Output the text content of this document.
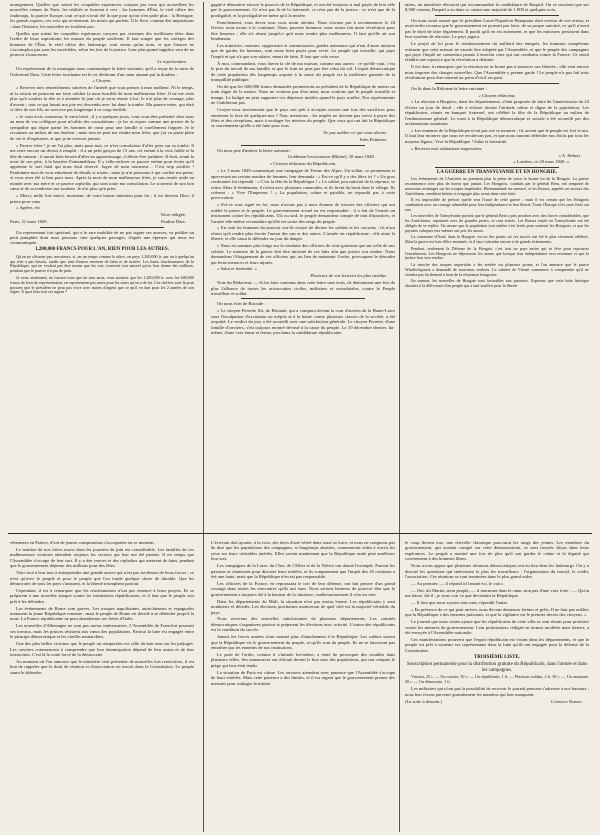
arrangement. Quelles que soient les coupables espérances conçues par ceux qui accueillent les nouvelles venues de Paris, les réalités se bornent à ceci : les hommes d'État, le vieil office des faubourgs, la pauvre Europe, tout ce qui n'avait été là que pour qu'on n'en parle plus : la Bretagne, les grands espoirs, ces voix qui reviennent, les morts qui parlent. Il le livre, comme des inquisitions ; dans l'histoire, les nouvelles ne fouillent pas.

Quelles que soient les coupables espérances conçues par certaines des meilleures têtes dans l'ordre de leurs aspirations, les masses du peuple souffrent. Il faut songer que les cortèges des hommes de l'État, le vieil office des faubourgs, sont venus qu'un nom, et que l'œuvre ne s'accomplira pas sans les incrédules, selon les lois de la justice. Leur plus grand supplice sera de ne pouvoir s'innocenter.

Le représentant

Un représentant de la montagne nous communique la lettre suivante, qu'il a reçue de la sœur de l'infortuné Daix. Cette lettre touchante est le cri déchirant d'un cœur aimant par la douleur :

« Citoyen,

« Recevez mes remercîments sincères de l'intérêt que vous prenez à mon malheur. Ni le temps, ni la raison ne pourront me faire oublier la mort horrible de mon malheureux frère. Il ne me reste plus qu'à courber la tête et à attendre le jour où je serai réunie à lui. Je n'ai plus de courage, plus d'avenir ; tout ce qui faisait ma joie est descendu avec lui dans la tombe. Ma pauvre mère, qui était si fière de son fils, ne survivra pas longtemps à ce coup terrible.

« Je vous écris, monsieur, le cœur brisé ; il y a quelques jours, vous vous êtes présenté chez nous au nom de vos collègues pour m'offrir des consolations : je les ai reçues comme une preuve de la sympathie qui règne parmi les hommes de cœur pour une famille si cruellement frappée. Je le reconnais au milieu de ma douleur ; mais rien ne peut me rendre mon frère, que j'ai vu partir plein de vie et d'espérance, et que je ne reverrai jamais.

« Pauvre frère ! je ne l'ai plus, mais pour moi, ce n'est consolation d'aller prier sur sa tombe. Il me reste encore un devoir à remplir : il a un petit garçon de 13 ans, cet enfant à la voix faible et la tête de mineur ; il aurait bien besoin d'aller en apprentissage, il désire être jardinier. Il était, avant la mort de son père, à la barrière Fontainebleau. Il y fallu enlever ce pauvre enfant pour éviter qu'il apprenne le sort fatal qui nous était réservé. Jugez de mon tourment… C'est trop souffrir ! Pardonnez-moi de vous entretenir de détails si tristes ; mais je n'ai personne à qui confier ma peine, et vous avez été si bon pour nous. Après la mort de mon malheureux frère, je suis restée seule au monde avec ma mère et ce pauvre orphelin, qui sont toute ma consolation. Le souvenir de son bon cœur et de sa tendresse me soutient. Je n'ai plus qu'à prier.

« Merci, mille fois merci, monsieur, de votre bonne intention pour lui ; il est devenu Dieu, il priera pour vous.

« Agréez, etc.

Votre obligée,

Paris, 21 mars 1849.	Pauline Daix.

Un représentant fort spirituel, qui a le rare mobilité de ne pas signer ses œuvres, va publier un petit pamphlet dont nous pouvons citer quelques passages, d'après une épreuve qui nous est communiquée.

1,200,000 FRANCS POUR L'AN, RIEN POUR LES AUTRES.

Qu'on ne s'étonne pas, messieurs, si, en un temps comme le nôtre, on paye 1,200,000 fr. par an à quelqu'un qui n'en a pas besoin, tandis que tant d'autres meurent de faim et de misère. Les hauts fonctionnaires de la République, qui ne veulent pas être moins que les rois, trouvent tout naturel qu'on leur donne des millions, pendant que le pauvre n'a pas de pain.

Je veux seulement, ne fussiez-vous que de mes amis, vous montrer que les 1,200,000 fr. avec les 600,000 francs de frais de représentation, ne représentent pas assez pour les soins qu'on a de lui. Ces chiffres sont là pour prouver que le président ne peut pas vivre avec moins d'argent que ce qu'il en faut pour les 2 années de son règne. À quoi bon tout cet argent ?

gagné à démontrer encore le pouvoir de la République, et ont été toujours si mal payés de leur zèle par le gouvernement. Ce n'est pas là de la fraternité, ce n'est pas de la justice ; ce n'est que de la prodigalité, et la prodigalité ne mène qu'à la misère.

Franchement, vous devez tous vous sentir atteints. Nous n'avons pas à recommencer le 24 février, nous avons à le continuer. Nous, pauvres hommes, nous avons fait notre révolution pour être heureux ; elle n'a réussi jusqu'ici qu'à nous rendre plus malheureux. Il faut qu'elle ait son lendemain.

Les ministres, orateurs, rapporteurs et commissaires, gardes nationaux qui n'ont d'autre mission que de garder les bureaux, sont assez bien payés pour vivre. Le peuple qui travaille, qui paye l'impôt et qui n'a que son salaire, meurt de faim. Il faut que cela cesse.

À moi, commandant, vous ôterez la clé de ma maison, comme aux autres : ce qu'elle vaut, c'est le prix du travail de ma famille, et que le fruit ne peut pas être celui du vol. L'esprit démocratique de cette population dès longtemps acquise à la cause du peuple est la meilleure garantie de la tranquillité publique.

On dit que les 600,000 francs demandés permettront au président de la République de mener un train digne de la nation. Nous ne voulons pas d'un train, nous voulons que le peuple travaille et mange. Le budget ne peut supporter ces dépenses inutiles quand le pays souffre. Nos représentants ne l'oublieront pas.

Croyez-vous sincèrement que le pays soit prêt à accepter encore une fois des sacrifices pour entretenir le luxe de quelques-uns ? Non, messieurs ; les impôts ne doivent pas servir à payer des fêtes et des réceptions, mais à soulager les misères du peuple. Que ceux qui ont fait la République se souviennent qu'elle a été faite pour tous.

Ne pas oublier ce que nous disons.

Jules Pointeau.

On nous prie d'insérer la lettre suivante :

Goldenne-Levavasseur (Rhône), 18 mars 1849.

« Citoyen rédacteur du Républicain,

« Le 3 mars 1849 commençait une campagne de Ferme des Alpes. Un soldat, se promenant et apercevant un certain nombre de femmes, leur demanda : « Est-ce qu'il y a des fêtes ici ? » Un gros cordonnier lui répondit : « C'est la fête de la République ! » Le soldat, peu satisfait de la réponse, se retira. Mais le lendemain, il revint avec plusieurs camarades, et ils firent du bruit dans le village. Ils crièrent : « Vive l'Empereur ! » La population, calme et paisible, ne répondit pas à cette provocation.

« Est-ce sous signé en foi, nous n'avons pas à nous étonner de trouver des officiers qui ont oublié la patrie et le peuple. Le gouvernement actuel en est responsable : il a fait de l'armée un instrument contre les républicains. Tôt ou tard, le peuple demandera compte de tant d'injustices, et l'armée elle-même reconnaîtra qu'elle est sortie des rangs du peuple.

« En vain les hommes du pouvoir ont-ils essayé de diviser les soldats et les citoyens ; ils n'ont réussi qu'à rendre plus étroite l'union des uns et des autres. L'armée est républicaine ; elle aime la liberté, et elle saura la défendre au jour du danger.

« Nous en sommes plus longs sur la conduite des officiers de cette garnison que sur celle de nos soldats. Le ministre de la guerre doit être informé de ces faits afin que justice soit rendue. Nous demandons l'éloignement de ces officiers qui, au lieu de maintenir l'ordre, provoquent le désordre par leurs menaces et leurs injures.

« Salut et fraternité. »

Plusieurs de vos lecteurs les plus assidus.

Note du Rédacteur. — Si les faits contenus dans cette lettre sont vrais, ils démontrent une fois de plus l'alliance de toutes les aristocraties civiles, militaires et sacerdotales, contre le Peuple travailleur et soldat.

On nous écrit de Brioude :

« Le citoyen Perrette fils, de Brioude, qui a comparu devant la cour d'assises de la Haute-Loire sous l'inculpation d'excitation au mépris et à la haine contre plusieurs classes de la société, a été acquitté. Le verdict du jury a été accueilli avec une satisfaction générale. Le citoyen Perrette, d'une famille d'ouvriers, s'est toujours montré dévoué à la cause du peuple. Le 10 décembre dernier, lui-même, d'une voix émue et ferme, proclama la candidature républicaine.

taires, un manifeste électoral qui recommandait la candidature de Raspail. On se souvient que sur 8,500 votants, Raspail a eu dans ce canton une majorité de 1,900 et quelques voix.

On nous avait assuré que le président Louis-Napoléon Bonaparte était revenu de son erreur, et avait enfin reconnu que le gouvernement ne pouvait pas faire, de sa propre autorité, ce qu'il n'avait pas le droit de faire légalement. Il paraît qu'il en est autrement, et que les ministres persistent dans leur système de réaction. Le pays jugera.

Le projet de loi pour le remboursement du milliard des émigrés, les hommes compétents estiment que cette mesure ne saurait être adoptée par l'Assemblée, et que le peuple des campagnes qui paye l'impôt ne consentira jamais à enrichir ceux qui ont combattu contre la France. Ce serait rétablir une injustice que la révolution a détruite.

Il est donc à remarquer que la réaction ne se borne pas à menacer nos libertés ; elle veut encore nous imposer des charges nouvelles. Que l'Assemblée y prenne garde ! Le peuple n'a pas fait trois révolutions pour être ramené au point d'où il est parti.

On lit dans la Réforme la lettre suivante :

« Citoyen rédacteur,

« La réaction à Bergerac, dans les départements, s'était proposée de faire de l'anniversaire du 24 février un jour de deuil ; elle a échoué devant l'attitude calme et digne de la population. Les républicains, réunis en banquet fraternel, ont célébré la fête de la République au milieu de l'enthousiasme général. Le toast à la République démocratique et sociale a été accueilli par des acclamations unanimes.

« Les ennemis de la République n'ont pas osé se montrer ; ils savent que le peuple est fort et uni. Il faut leur montrer que nous ne reculerons pas, et que nous saurons défendre nos droits par tous les moyens légaux. Vive la République ! Salut et fraternité.

« Recevez mes salutations empressées.

« A. Hebert.

« Londres, ce 20 mars 1849. »

LA GUERRE EN TRANSYLVANIE ET EN HONGRIE.

Les événements de l'Autriche ne prennent plus la peine de saisir la bonne foi de la Hongrie. La guerre recommence avec plus de fureur que jamais. Les Hongrois, conduits par le général Bem, ont remporté de nouveaux avantages sur les troupes impériales. Hermannstadt est menacé, et les Russes, appelés au secours des Autrichiens, semblent hésiter à s'engager plus avant dans cette lutte.

Il est impossible de prévoir quelle sera l'issue de cette guerre ; mais il est certain que les Hongrois combattent avec un courage admirable pour leur indépendance et leur liberté. Toute l'Europe a les yeux fixés sur eux.

Les nouvelles de Transylvanie portent que le général Bem a pris position avec des forces considérables, que les Autrichiens, repoussés avec de grandes pertes, se sont retirés. Les Russes entrés en Transylvanie ont été obligés de se replier. On assure que la population tout entière s'est levée pour soutenir les Hongrois, et que les paysans valaques eux-mêmes ont pris les armes.

La commune d'Arad, dans la Hongrie, est un des points où ces succès ont été le plus vivement célébrés. Mais la guerre est loin d'être terminée, et il faut s'attendre encore à de grands événements.

Pendant, seulement la Défense de la Hongrie, c'est tout un pays entier qui se lève pour repousser l'envahisseur. Les Hongrois ne déposeront les armes que lorsque leur indépendance sera reconnue et que la justice leur sera rendue.

La marche des troupes impériales a été arrêtée sur plusieurs points, et l'on annonce que le prince Windischgraetz a demandé de nouveaux renforts. Le cabinet de Vienne commence à comprendre qu'il ne viendra pas facilement à bout de la résistance hongroise.

En somme, les nouvelles de Hongrie sont favorables aux patriotes. Espérons que cette lutte héroïque aboutira à la délivrance d'un peuple qui a tant souffert pour la liberté.

vêtements en France, d'ont de jeunes conspirateurs s'occupaient en ce moment.

Le nombre de nos frères morts dans les journées de juin est considérable. Les familles de ces malheureuses victimes attendent toujours les secours qui leur ont été promis. Il est temps que l'Assemblée s'occupe de leur sort. Il y a des veuves et des orphelins qui meurent de faim, pendant que le gouvernement dépense des millions pour des fêtes.

Voici tout à leur tour à entreprendre une grande œuvre qui n'est pas au-dessus de leurs forces ; ce n'est qu'avec le peuple et pour le peuple que l'on fonde quelque chose de durable. Que les démocrates de tous les pays s'unissent, et la liberté triomphera partout.

Cependant, il est à remarquer que les réactionnaires n'ont pas renoncé à leurs projets. Ils se préparent à une nouvelle attaque contre les institutions républicaines, et il faut que le peuple soit prêt à les défendre.

Les événements de Rome sont graves. Les troupes napolitaines, autrichiennes et espagnoles menacent la jeune République romaine ; mais le peuple de Rome est décidé à se défendre jusqu'à la mort. La France républicaine ne peut abandonner ses frères d'Italie.

Les nouvelles d'Allemagne ne sont pas moins intéressantes. L'Assemblée de Francfort poursuit ses travaux, mais les princes résistent aux vœux des populations. Partout la lutte est engagée entre le principe démocratique et les vieilles monarchies.

Une des plus belles victoires que le peuple ait remportées est celle du bon sens sur les préjugés. Les ouvriers commencent à comprendre que leur émancipation dépend de leur union et de leur instruction. C'est là la vraie force de la démocratie.

Au moment où l'on annonce que le ministère veut présenter de nouvelles lois restrictives, il est bon de rappeler que le droit de réunion et d'association est inscrit dans la Constitution. Le peuple saura le défendre.

L'écrivain doit ajouter, à la voix, des titres d'une vérité dans toute sa force, et nous ne craignons pas de dire que les populations des campagnes, si longtemps abusées, commencent enfin à ouvrir les yeux sur leurs véritables intérêts. Elles savent maintenant que la République seule peut améliorer leur sort.

Les campagnes de la Loire, du Cher, de l'Allier et de la Nièvre ont donné l'exemple. Partout les paysans se réunissent pour discuter leurs intérêts, et ils comprennent que l'impôt des 45 centimes a été une faute, mais que la République n'en est pas responsable.

Les officiers de la France, en repoussant le tort de leur défense, ont fait preuve d'un grand courage dans toutes les rencontres qu'ils ont eues. Nous serions heureux de pouvoir dire que le gouvernement a toujours été à la hauteur de la situation ; malheureusement il n'en est rien.

Dans les départements du Midi, la situation n'est pas moins bonne. Les républicains y sont nombreux et décidés. Les élections prochaines montreront de quel côté est la majorité véritable du pays.

Nous recevons des nouvelles satisfaisantes de plusieurs départements. Les comités démocratiques s'organisent partout et préparent les élections avec activité. L'union des républicains est la condition du succès.

Jamais les forces armées n'ont montré plus d'attachement à la République. Les soldats savent que la République est le gouvernement du peuple, et qu'ils sont du peuple. Ils ne se laisseront pas entraîner par les ennemis de nos institutions.

Le parti de l'ordre, comme il s'intitule lui-même, a tenté de provoquer des troubles dans plusieurs villes. Ses manœuvres ont échoué devant le bon sens des populations, qui ont compris le piège qui leur était tendu.

La situation de Paris est calme. Les ouvriers attendent avec patience que l'Assemblée s'occupe de leurs intérêts. Mais cette patience a des limites, et il est urgent que le gouvernement prenne des mesures pour soulager la misère.

le coup devant eux, une chevelle chronique parcourut les rangs des jeunes. Les membres du gouvernement, qui avaient compté sur cette démonstration, se sont trouvés déçus dans leurs espérances. Le peuple a montré une fois de plus qu'il sait garder le calme et la dignité qui conviennent à des hommes libres.

Nous avons appris que plusieurs réunions démocratiques ont eu lieu dans les faubourgs. On y a discuté les questions qui intéressent le plus les travailleurs : l'organisation du travail, le crédit, l'association. Ces réunions se sont terminées dans le plus grand ordre.

— Au premier, — il répond à l'instant-ici, le voici.

— Oui, dit Martin, mon peuple, — il murmura dans le cœur, non pas d'une voix forte : — Qu'on me laisse, dit-il ; je veux voir ce que deviendra la République.

— Il faut que nous soyons tous unis, répondit l'autre.

« En présence de ce qui peut arriver, nous devons demeurer fermes et prêts. Il ne faut pas oublier que la République a des ennemis puissants, et que la vigilance est le premier devoir des citoyens. »

Le journal que nous citons ajoute que les républicains de cette ville se sont réunis pour protester contre les mesures du gouvernement. Leur protestation, rédigée en termes modérés mais fermes, a été envoyée à l'Assemblée nationale.

Ces manifestations prouvent que l'esprit républicain est vivant dans les départements, et que le peuple est prêt à soutenir ses représentants dans la lutte qu'ils ont engagée pour la défense de la Constitution.

TROISIÈME LISTE.

Souscription permanente pour la distribution gratuite du Républicain, dans l'armée et dans les campagnes.

Vincent, 25 c. — Un ouvrier, 50 c. — Un républicain, 1 fr. — Plusieurs soldats, 2 fr. 50 c. — Un anonyme, 50 c. — Un démocrate, 1 fr.

Les militaires qui n'ont pas la possibilité de recevoir le journal peuvent s'adresser à nos bureaux ; nous leur ferons parvenir gratuitement les numéros qui leur manquent.

(La suite à demain.)	Clémence Robert.
